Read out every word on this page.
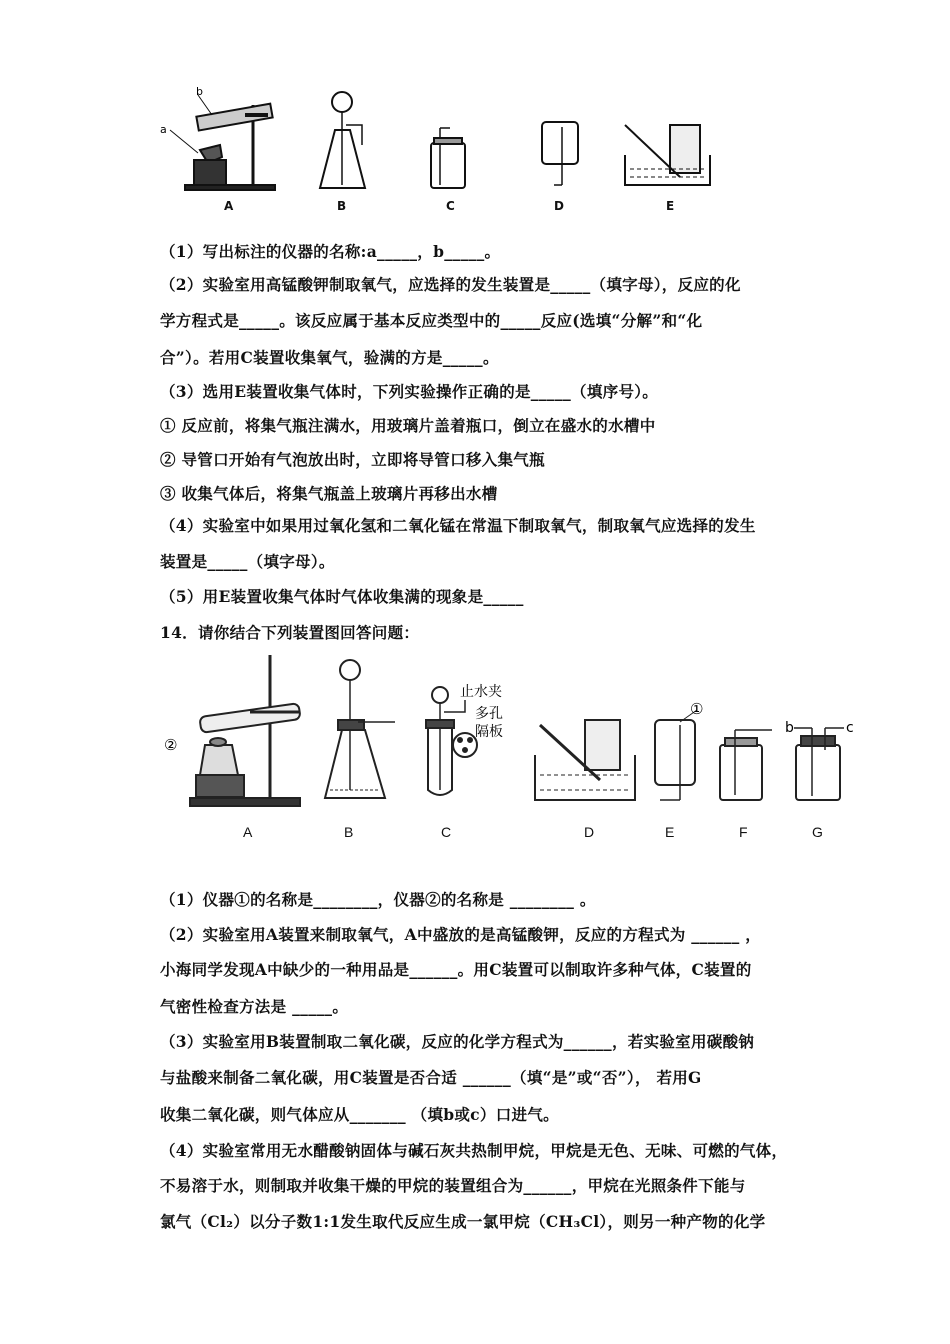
a
b
A	B	C	D	E
（1）写出标注的仪器的名称:a_____，b_____。
（2）实验室用高锰酸钾制取氧气，应选择的发生装置是_____（填字母），反应的化
学方程式是_____。该反应属于基本反应类型中的_____反应(选填“分解”和“化
合”）。若用C装置收集氧气，验满的方是_____。
（3）选用E装置收集气体时，下列实验操作正确的是_____（填序号）。
① 反应前，将集气瓶注满水，用玻璃片盖着瓶口，倒立在盛水的水槽中
② 导管口开始有气泡放出时，立即将导管口移入集气瓶
③ 收集气体后，将集气瓶盖上玻璃片再移出水槽
（4）实验室中如果用过氧化氢和二氧化锰在常温下制取氧气，制取氧气应选择的发生
装置是_____（填字母）。
（5）用E装置收集气体时气体收集满的现象是_____
14．请你结合下列装置图回答问题：
②
①
止水夹
多孔
隔板	b	c
A	B	C	D	E	F	G
（1）仪器①的名称是________，仪器②的名称是 ________ 。
（2）实验室用A装置来制取氧气，A中盛放的是高锰酸钾，反应的方程式为 ______ ，
小海同学发现A中缺少的一种用品是______。用C装置可以制取许多种气体，C装置的
气密性检查方法是 _____。
（3）实验室用B装置制取二氧化碳，反应的化学方程式为______，若实验室用碳酸钠
与盐酸来制备二氧化碳，用C装置是否合适 ______（填“是”或“否”）， 若用G
收集二氧化碳，则气体应从_______ （填b或c）口进气。
（4）实验室常用无水醋酸钠固体与碱石灰共热制甲烷，甲烷是无色、无味、可燃的气体，
不易溶于水，则制取并收集干燥的甲烷的装置组合为______，甲烷在光照条件下能与
氯气（Cl₂）以分子数1:1发生取代反应生成一氯甲烷（CH₃Cl），则另一种产物的化学
